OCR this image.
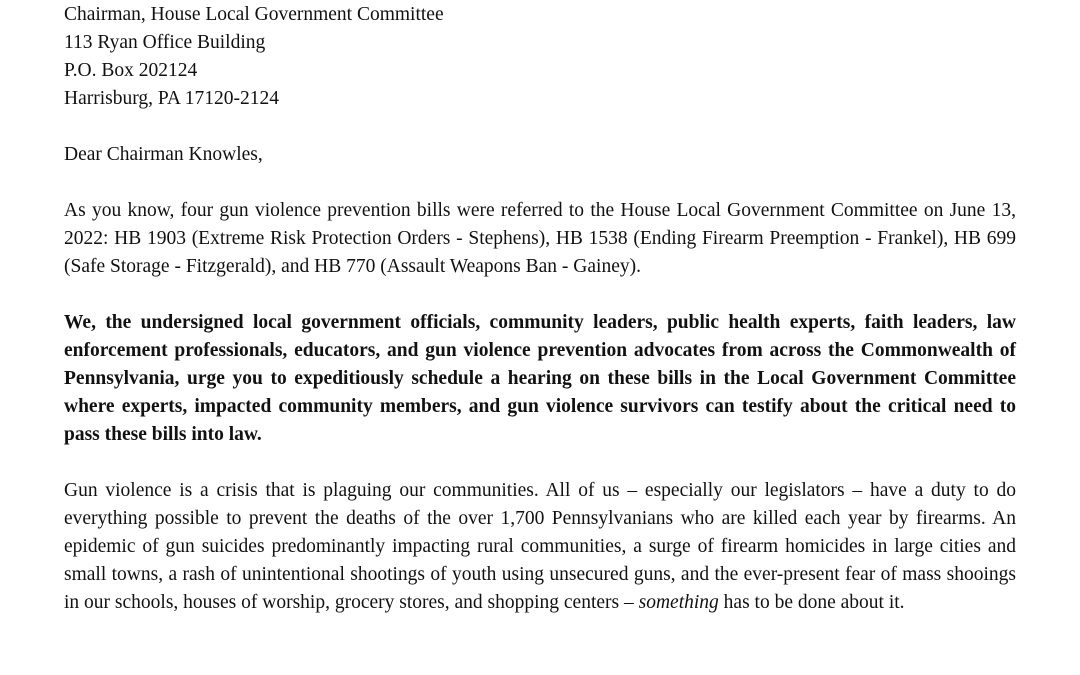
Chairman, House Local Government Committee
113 Ryan Office Building
P.O. Box 202124
Harrisburg, PA 17120-2124
Dear Chairman Knowles,
As you know, four gun violence prevention bills were referred to the House Local Government Committee on June 13, 2022: HB 1903 (Extreme Risk Protection Orders - Stephens), HB 1538 (Ending Firearm Preemption - Frankel), HB 699 (Safe Storage - Fitzgerald), and HB 770 (Assault Weapons Ban - Gainey).
We, the undersigned local government officials, community leaders, public health experts, faith leaders, law enforcement professionals, educators, and gun violence prevention advocates from across the Commonwealth of Pennsylvania, urge you to expeditiously schedule a hearing on these bills in the Local Government Committee where experts, impacted community members, and gun violence survivors can testify about the critical need to pass these bills into law.
Gun violence is a crisis that is plaguing our communities. All of us – especially our legislators – have a duty to do everything possible to prevent the deaths of the over 1,700 Pennsylvanians who are killed each year by firearms. An epidemic of gun suicides predominantly impacting rural communities, a surge of firearm homicides in large cities and small towns, a rash of unintentional shootings of youth using unsecured guns, and the ever-present fear of mass shooings in our schools, houses of worship, grocery stores, and shopping centers – something has to be done about it.
